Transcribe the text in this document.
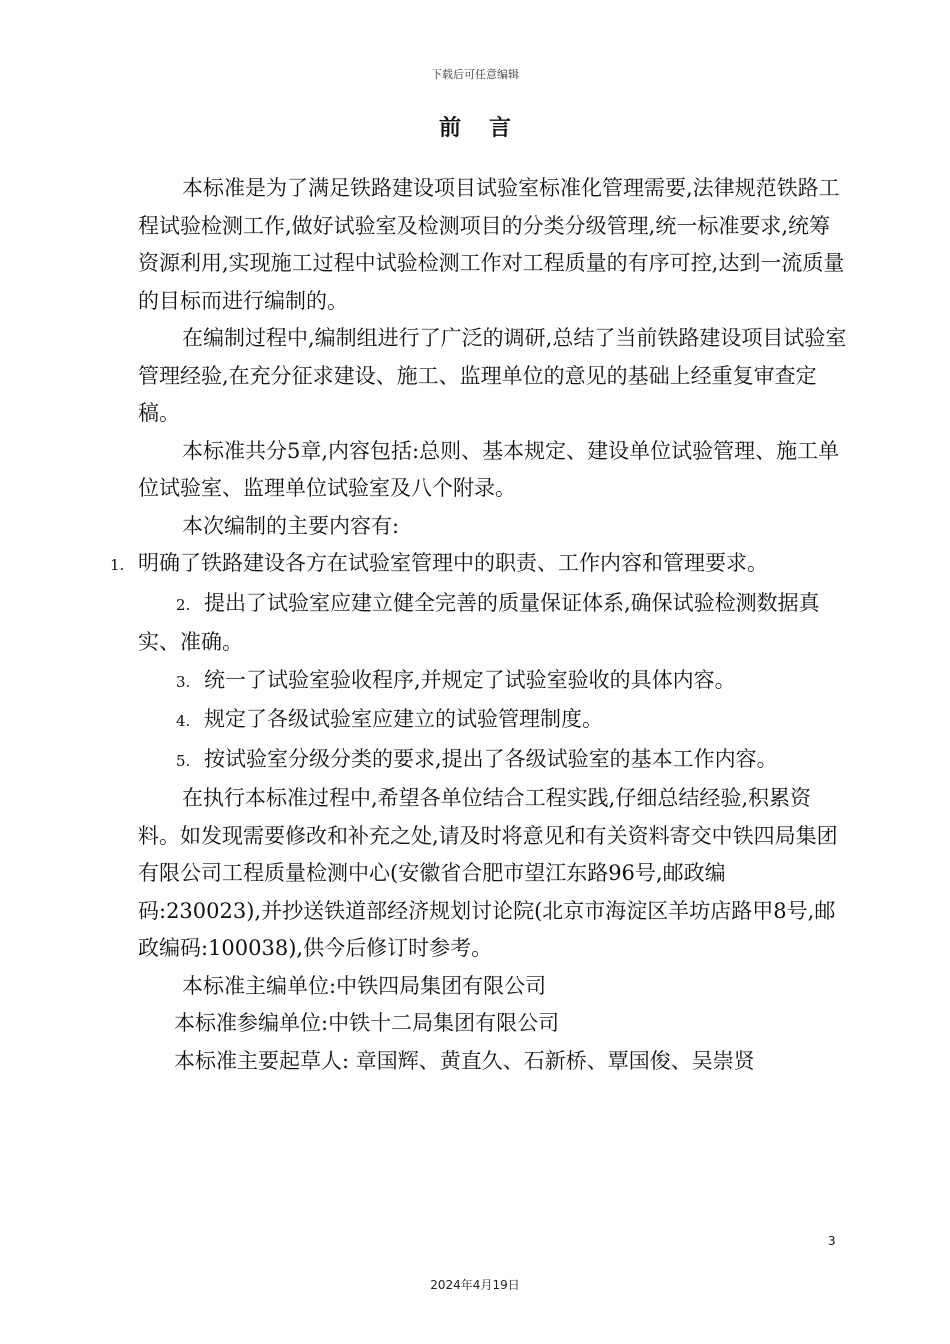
下载后可任意编辑
前 言

本标准是为了满足铁路建设项目试验室标准化管理需要,法律规范铁路工程试验检测工作,做好试验室及检测项目的分类分级管理,统一标准要求,统筹资源利用,实现施工过程中试验检测工作对工程质量的有序可控,达到一流质量的目标而进行编制的。

在编制过程中,编制组进行了广泛的调研,总结了当前铁路建设项目试验室管理经验,在充分征求建设、施工、监理单位的意见的基础上经重复审查定稿。

本标准共分5章,内容包括:总则、基本规定、建设单位试验管理、施工单位试验室、监理单位试验室及八个附录。

本次编制的主要内容有:

1. 明确了铁路建设各方在试验室管理中的职责、工作内容和管理要求。

2. 提出了试验室应建立健全完善的质量保证体系,确保试验检测数据真实、准确。

3. 统一了试验室验收程序,并规定了试验室验收的具体内容。

4. 规定了各级试验室应建立的试验管理制度。

5. 按试验室分级分类的要求,提出了各级试验室的基本工作内容。

在执行本标准过程中,希望各单位结合工程实践,仔细总结经验,积累资料。如发现需要修改和补充之处,请及时将意见和有关资料寄交中铁四局集团有限公司工程质量检测中心(安徽省合肥市望江东路96号,邮政编码:230023),并抄送铁道部经济规划讨论院(北京市海淀区羊坊店路甲8号,邮政编码:100038),供今后修订时参考。

本标准主编单位:中铁四局集团有限公司

本标准参编单位:中铁十二局集团有限公司

本标准主要起草人: 章国辉、黄直久、石新桥、覃国俊、吴崇贤

3
2024年4月19日
